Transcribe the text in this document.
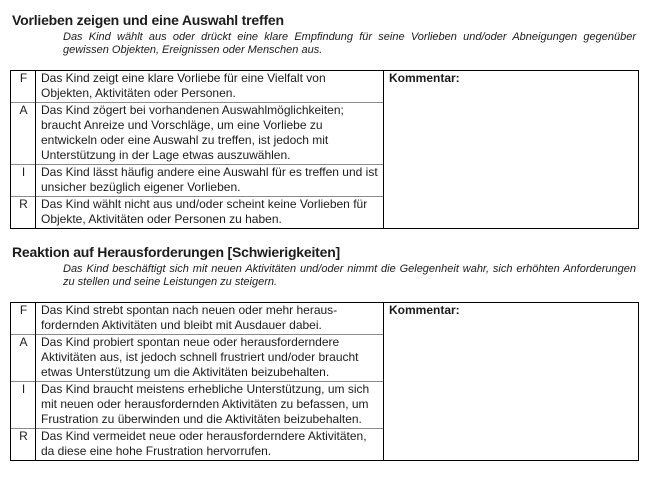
Vorlieben zeigen und eine Auswahl treffen

Das Kind wählt aus oder drückt eine klare Empfindung für seine Vorlieben und/oder Abneigungen gegenüber gewissen Objekten, Ereignissen oder Menschen aus.

F	Das Kind zeigt eine klare Vorliebe für eine Vielfalt von Objekten, Aktivitäten oder Personen.	Kommentar:
A	Das Kind zögert bei vorhandenen Auswahlmöglichkeiten; braucht Anreize und Vorschläge, um eine Vorliebe zu entwickeln oder eine Auswahl zu treffen, ist jedoch mit Unterstützung in der Lage etwas auszuwählen.	
I	Das Kind lässt häufig andere eine Auswahl für es treffen und ist unsicher bezüglich eigener Vorlieben.	
R	Das Kind wählt nicht aus und/oder scheint keine Vorlieben für Objekte, Aktivitäten oder Personen zu haben.	
Reaktion auf Herausforderungen [Schwierigkeiten]

Das Kind beschäftigt sich mit neuen Aktivitäten und/oder nimmt die Gelegenheit wahr, sich erhöhten Anforderungen zu stellen und seine Leistungen zu steigern.

F	Das Kind strebt spontan nach neuen oder mehr heraus-fordernden Aktivitäten und bleibt mit Ausdauer dabei.	Kommentar:
A	Das Kind probiert spontan neue oder herausforderndere Aktivitäten aus, ist jedoch schnell frustriert und/oder braucht etwas Unterstützung um die Aktivitäten beizubehalten.	
I	Das Kind braucht meistens erhebliche Unterstützung, um sich mit neuen oder herausfordernden Aktivitäten zu befassen, um Frustration zu überwinden und die Aktivitäten beizubehalten.	
R	Das Kind vermeidet neue oder herausforderndere Aktivitäten, da diese eine hohe Frustration hervorrufen.	
